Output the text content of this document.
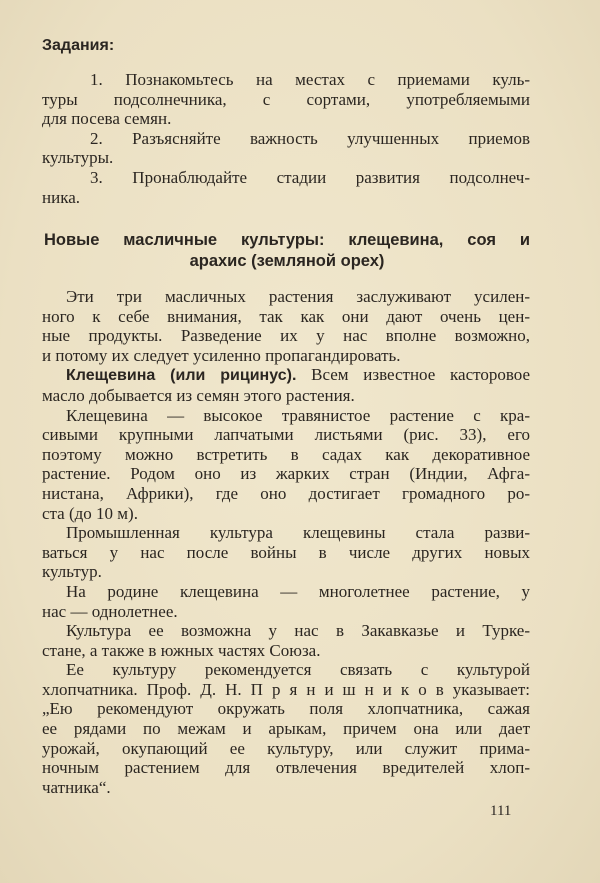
Задания:
1. Познакомьтесь на местах с приемами куль-
туры подсолнечника, с сортами, употребляемыми
для посева семян.
2. Разъясняйте важность улучшенных приемов
культуры.
3. Пронаблюдайте стадии развития подсолнеч-
ника.
Новые масличные культуры: клещевина, соя и
арахис (земляной орех)
Эти три масличных растения заслуживают усилен-
ного к себе внимания, так как они дают очень цен-
ные продукты. Разведение их у нас вполне возможно,
и потому их следует усиленно пропагандировать.
Клещевина (или рицинус). Всем известное касторовое
масло добывается из семян этого растения.
Клещевина — высокое травянистое растение с кра-
сивыми крупными лапчатыми листьями (рис. 33), его
поэтому можно встретить в садах как декоративное
растение. Родом оно из жарких стран (Индии, Афга-
нистана, Африки), где оно достигает громадного ро-
ста (до 10 м).
Промышленная культура клещевины стала разви-
ваться у нас после войны в числе других новых
культур.
На родине клещевина — многолетнее растение, у
нас — однолетнее.
Культура ее возможна у нас в Закавказье и Турке-
стане, а также в южных частях Союза.
Ее культуру рекомендуется связать с культурой
хлопчатника. Проф. Д. Н. П р я н и ш н и к о в указывает:
„Ею рекомендуют окружать поля хлопчатника, сажая
ее рядами по межам и арыкам, причем она или дает
урожай, окупающий ее культуру, или служит прима-
ночным растением для отвлечения вредителей хлоп-
чатника“.
111
